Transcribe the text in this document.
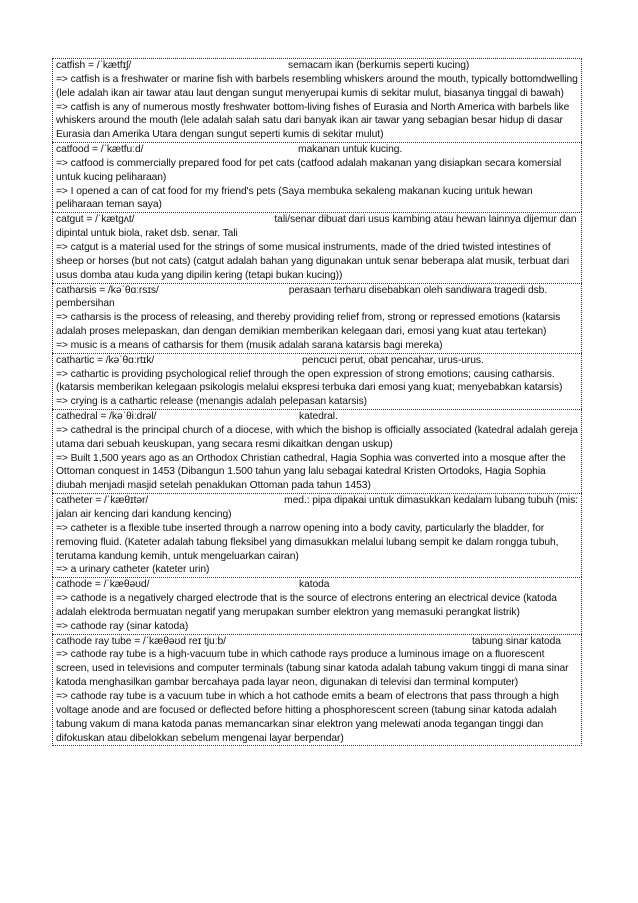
catfish = /ˈkætfɪʃ/	semacam ikan (berkumis seperti kucing)

=> catfish is a freshwater or marine fish with barbels resembling whiskers around the mouth, typically bottomdwelling (lele adalah ikan air tawar atau laut dengan sungut menyerupai kumis di sekitar mulut, biasanya tinggal di bawah)
=> catfish is any of numerous mostly freshwater bottom-living fishes of Eurasia and North America with barbels like whiskers around the mouth (lele adalah salah satu dari banyak ikan air tawar yang sebagian besar hidup di dasar Eurasia dan Amerika Utara dengan sungut seperti kumis di sekitar mulut)
catfood = /ˈkætfuːd/	makanan untuk kucing.

=> catfood is commercially prepared food for pet cats (catfood adalah makanan yang disiapkan secara komersial untuk kucing peliharaan)
=> I opened a can of cat food for my friend's pets (Saya membuka sekaleng makanan kucing untuk hewan peliharaan teman saya)
catgut = /ˈkætgʌt/	tali/senar dibuat dari usus kambing atau hewan lainnya dijemur dan dipintal untuk biola, raket dsb. senar. Tali
=> catgut is a material used for the strings of some musical instruments, made of the dried twisted intestines of sheep or horses (but not cats) (catgut adalah bahan yang digunakan untuk senar beberapa alat musik, terbuat dari usus domba atau kuda yang dipilin kering (tetapi bukan kucing))
catharsis = /kəˈθɑːrsɪs/	perasaan terharu disebabkan oleh sandiwara tragedi dsb. pembersihan
=> catharsis is the process of releasing, and thereby providing relief from, strong or repressed emotions (katarsis adalah proses melepaskan, dan dengan demikian memberikan kelegaan dari, emosi yang kuat atau tertekan)
=> music is a means of catharsis for them (musik adalah sarana katarsis bagi mereka)
cathartic = /kəˈθɑːrtɪk/	pencuci perut, obat pencahar, urus-urus.

=> cathartic is providing psychological relief through the open expression of strong emotions; causing catharsis. (katarsis memberikan kelegaan psikologis melalui ekspresi terbuka dari emosi yang kuat; menyebabkan katarsis)
=> crying is a cathartic release (menangis adalah pelepasan katarsis)
cathedral = /kəˈθiːdrəl/	katedral.

=> cathedral is the principal church of a diocese, with which the bishop is officially associated (katedral adalah gereja utama dari sebuah keuskupan, yang secara resmi dikaitkan dengan uskup)
=> Built 1,500 years ago as an Orthodox Christian cathedral, Hagia Sophia was converted into a mosque after the Ottoman conquest in 1453 (Dibangun 1.500 tahun yang lalu sebagai katedral Kristen Ortodoks, Hagia Sophia diubah menjadi masjid setelah penaklukan Ottoman pada tahun 1453)
catheter = /ˈkæθɪtər/	med.: pipa dipakai untuk dimasukkan kedalam lubang tubuh (mis: jalan air kencing dari kandung kencing)
=> catheter is a flexible tube inserted through a narrow opening into a body cavity, particularly the bladder, for removing fluid. (Kateter adalah tabung fleksibel yang dimasukkan melalui lubang sempit ke dalam rongga tubuh, terutama kandung kemih, untuk mengeluarkan cairan)
=> a urinary catheter (kateter urin)
cathode = /ˈkæθəʊd/	katoda

=> cathode is a negatively charged electrode that is the source of electrons entering an electrical device (katoda adalah elektroda bermuatan negatif yang merupakan sumber elektron yang memasuki perangkat listrik)
=> cathode ray (sinar katoda)
cathode ray tube = /ˈkæθəʊd reɪ tjuːb/	tabung sinar katoda

=> cathode ray tube is a high-vacuum tube in which cathode rays produce a luminous image on a fluorescent screen, used in televisions and computer terminals (tabung sinar katoda adalah tabung vakum tinggi di mana sinar katoda menghasilkan gambar bercahaya pada layar neon, digunakan di televisi dan terminal komputer)
=> cathode ray tube is a vacuum tube in which a hot cathode emits a beam of electrons that pass through a high voltage anode and are focused or deflected before hitting a phosphorescent screen (tabung sinar katoda adalah tabung vakum di mana katoda panas memancarkan sinar elektron yang melewati anoda tegangan tinggi dan difokuskan atau dibelokkan sebelum mengenai layar berpendar)
